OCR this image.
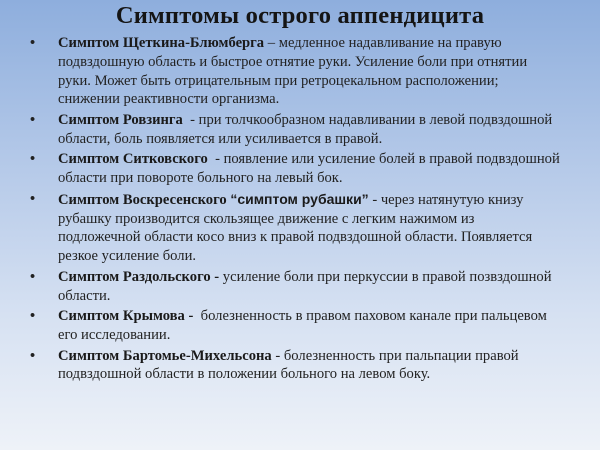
Симптомы острого аппендицита
• Симптом Щеткина-Блюмберга – медленное надавливание на правую подвздошную область и быстрое отнятие руки. Усиление боли при отнятии руки. Может быть отрицательным при ретроцекальном расположении; снижении реактивности организма.
• Симптом Ровзинга  - при толчкообразном надавливании в левой подвздошной области, боль появляется или усиливается в правой.
• Симптом Ситковского  - появление или усиление болей в правой подвздошной области при повороте больного на левый бок.
• Симптом Воскресенского “симптом рубашки” - через натянутую книзу рубашку производится скользящее движение с легким нажимом из подложечной области косо вниз к правой подвздошной области. Появляется резкое усиление боли.
• Симптом Раздольского - усиление боли при перкуссии в правой позвздошной области.
• Симптом Крымова -  болезненность в правом паховом канале при пальцевом его исследовании.
• Симптом Бартомье-Михельсона - болезненность при пальпации правой подвздошной области в положении больного на левом боку.
